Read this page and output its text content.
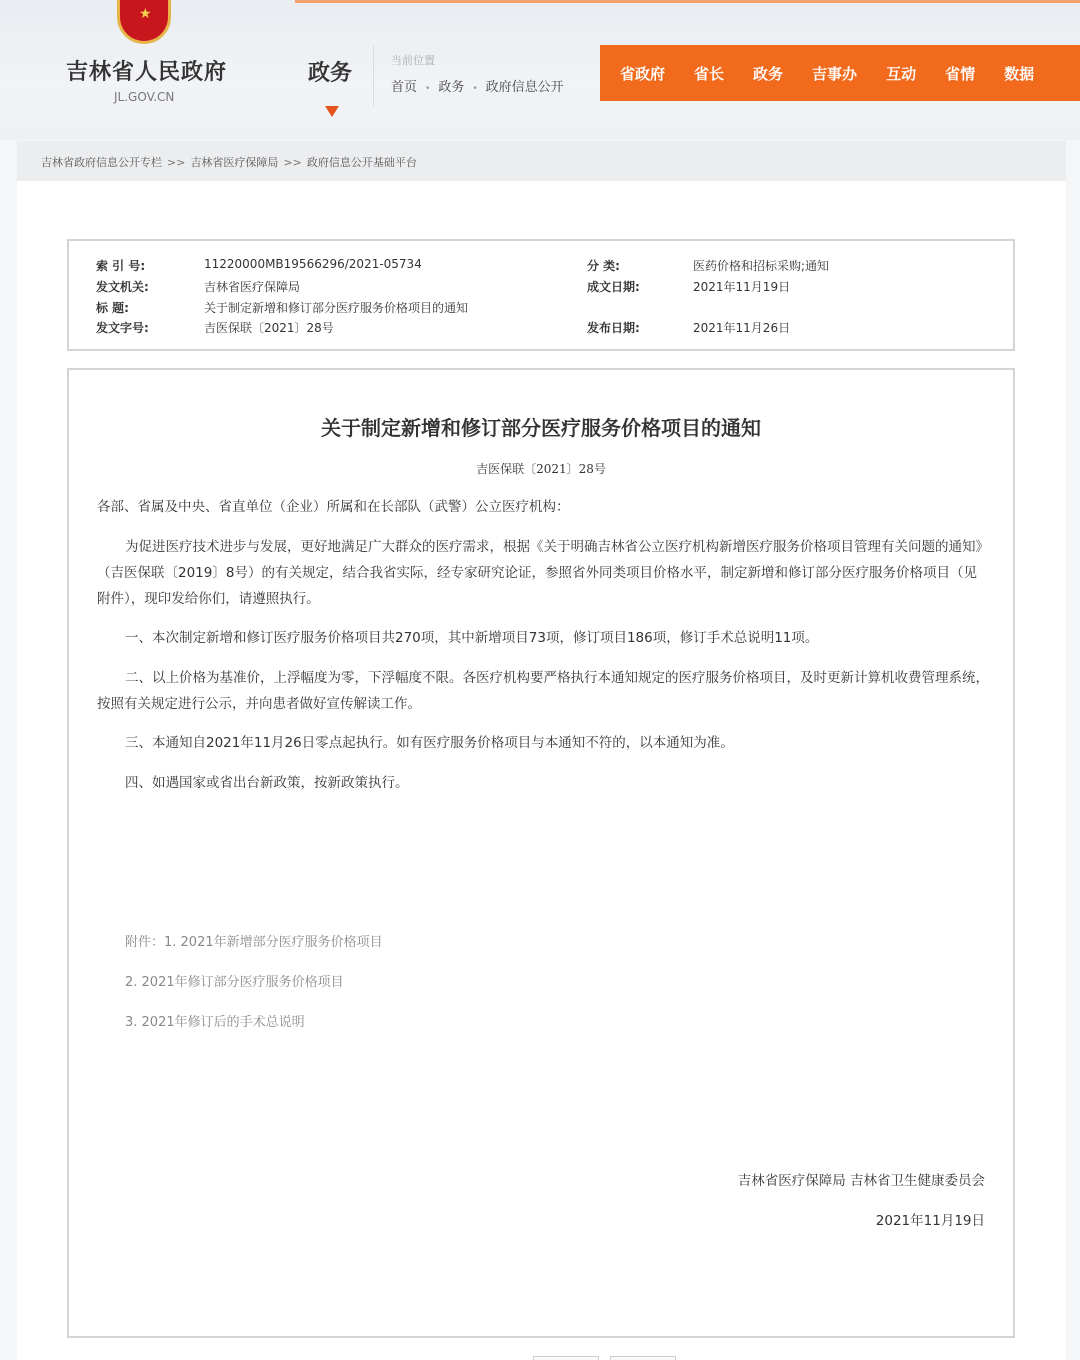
★
吉林省人民政府
JL.GOV.CN
政务
当前位置
首页 • 政务 • 政府信息公开
省政府 省长 政务 吉事办 互动 省情 数据
吉林省政府信息公开专栏 >> 吉林省医疗保障局 >> 政府信息公开基础平台
索 引 号:	11220000MB19566296/2021-05734	分 类:	医药价格和招标采购;通知
发文机关:	吉林省医疗保障局	成文日期:	2021年11月19日
标 题:	关于制定新增和修订部分医疗服务价格项目的通知
发文字号:	吉医保联〔2021〕28号	发布日期:	2021年11月26日
关于制定新增和修订部分医疗服务价格项目的通知
吉医保联〔2021〕28号
各部、省属及中央、省直单位（企业）所属和在长部队（武警）公立医疗机构：
为促进医疗技术进步与发展，更好地满足广大群众的医疗需求，根据《关于明确吉林省公立医疗机构新增医疗服务价格项目管理有关问题的通知》（吉医保联〔2019〕8号）的有关规定，结合我省实际，经专家研究论证，参照省外同类项目价格水平，制定新增和修订部分医疗服务价格项目（见附件），现印发给你们，请遵照执行。
一、本次制定新增和修订医疗服务价格项目共270项，其中新增项目73项，修订项目186项，修订手术总说明11项。
二、以上价格为基准价，上浮幅度为零，下浮幅度不限。各医疗机构要严格执行本通知规定的医疗服务价格项目，及时更新计算机收费管理系统，按照有关规定进行公示，并向患者做好宣传解读工作。
三、本通知自2021年11月26日零点起执行。如有医疗服务价格项目与本通知不符的，以本通知为准。
四、如遇国家或省出台新政策，按新政策执行。
附件：1. 2021年新增部分医疗服务价格项目
2. 2021年修订部分医疗服务价格项目
3. 2021年修订后的手术总说明
吉林省医疗保障局 吉林省卫生健康委员会
2021年11月19日
